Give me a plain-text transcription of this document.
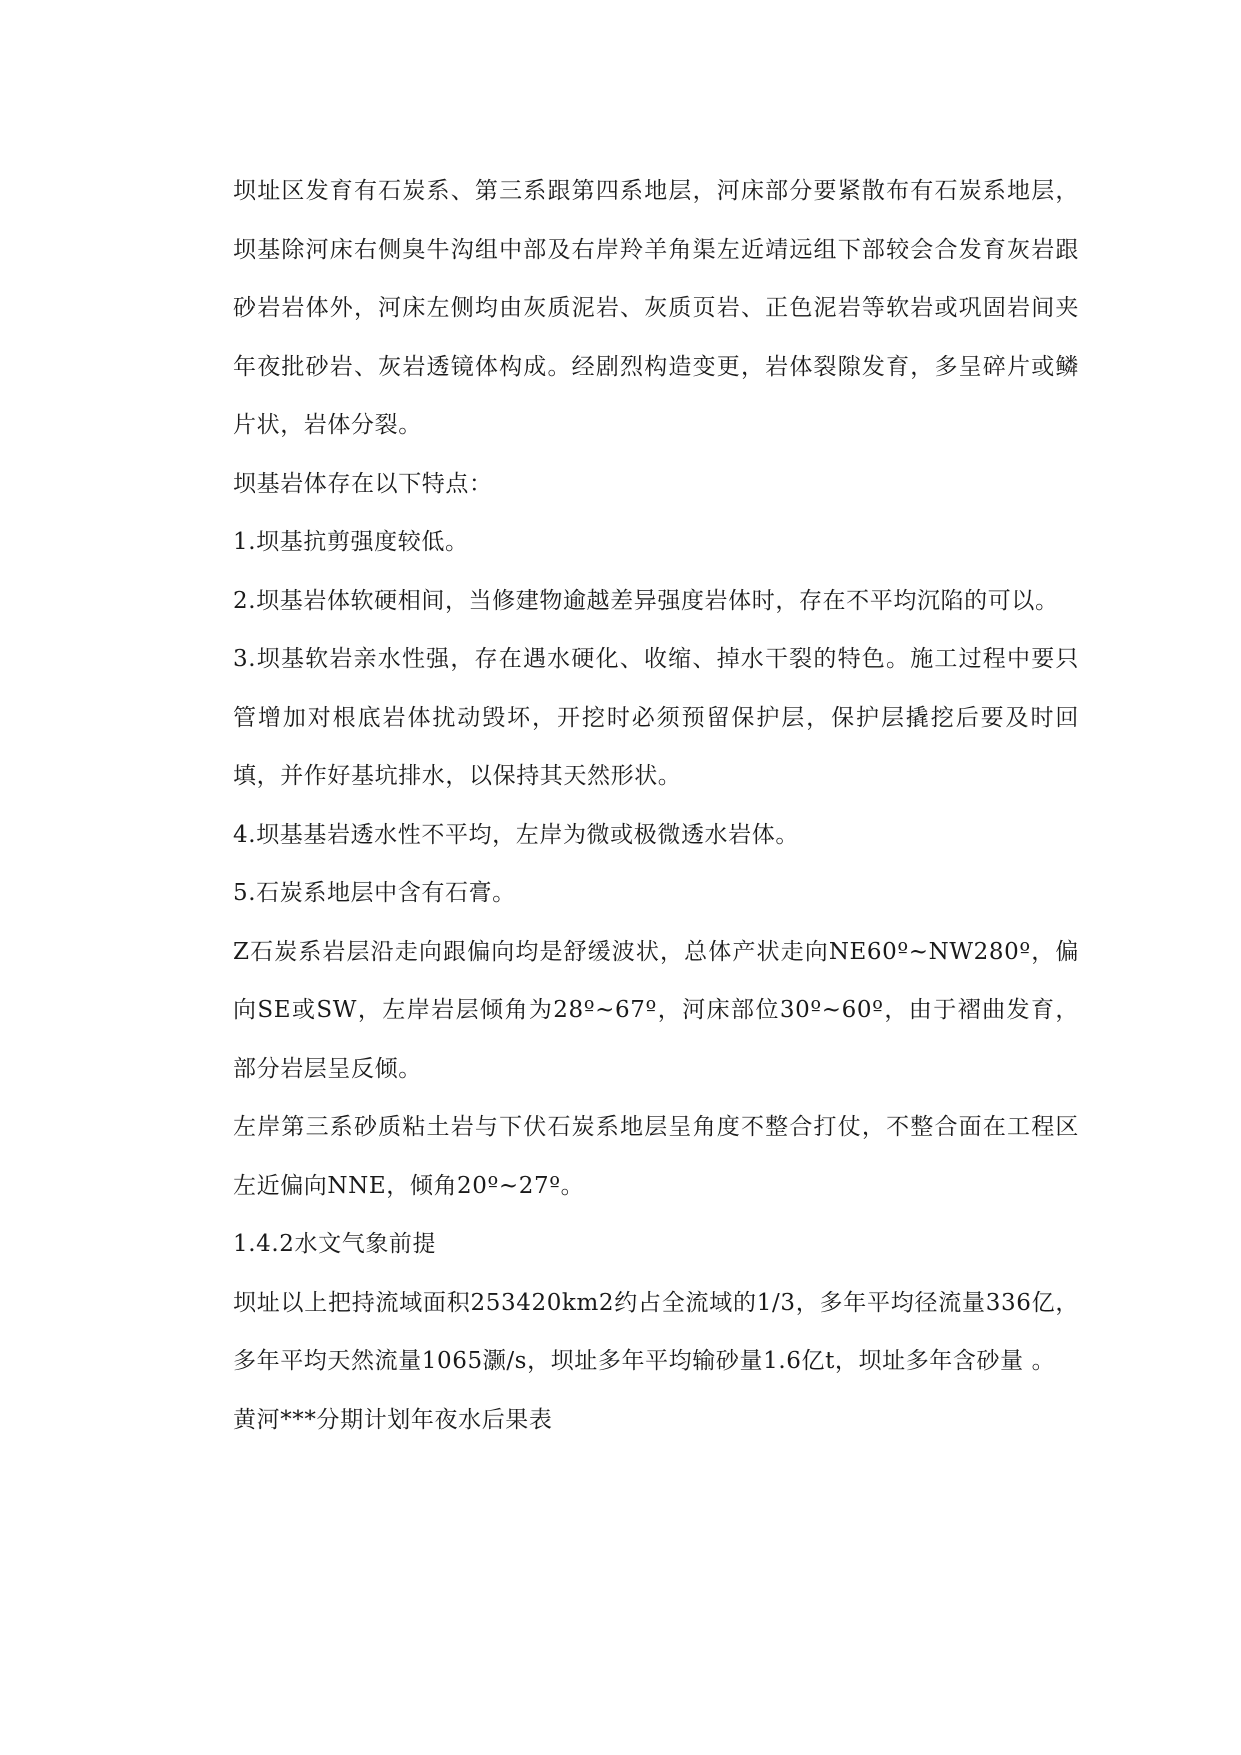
坝址区发育有石炭系、第三系跟第四系地层，河床部分要紧散布有石炭系地层，坝基除河床右侧臭牛沟组中部及右岸羚羊角渠左近靖远组下部较会合发育灰岩跟砂岩岩体外，河床左侧均由灰质泥岩、灰质页岩、正色泥岩等软岩或巩固岩间夹年夜批砂岩、灰岩透镜体构成。经剧烈构造变更，岩体裂隙发育，多呈碎片或鳞片状，岩体分裂。

坝基岩体存在以下特点：

1.坝基抗剪强度较低。

2.坝基岩体软硬相间，当修建物逾越差异强度岩体时，存在不平均沉陷的可以。

3.坝基软岩亲水性强，存在遇水硬化、收缩、掉水干裂的特色。施工过程中要只管增加对根底岩体扰动毁坏，开挖时必须预留保护层，保护层撬挖后要及时回填，并作好基坑排水，以保持其天然形状。

4.坝基基岩透水性不平均，左岸为微或极微透水岩体。

5.石炭系地层中含有石膏。

Z石炭系岩层沿走向跟偏向均是舒缓波状，总体产状走向NE60º~NW280º，偏向SE或SW，左岸岩层倾角为28º~67º，河床部位30º~60º，由于褶曲发育，部分岩层呈反倾。

左岸第三系砂质粘土岩与下伏石炭系地层呈角度不整合打仗，不整合面在工程区左近偏向NNE，倾角20º~27º。

1.4.2水文气象前提

坝址以上把持流域面积253420km2约占全流域的1/3，多年平均径流量336亿，多年平均天然流量1065灏/s，坝址多年平均输砂量1.6亿t，坝址多年含砂量 。

黄河***分期计划年夜水后果表
